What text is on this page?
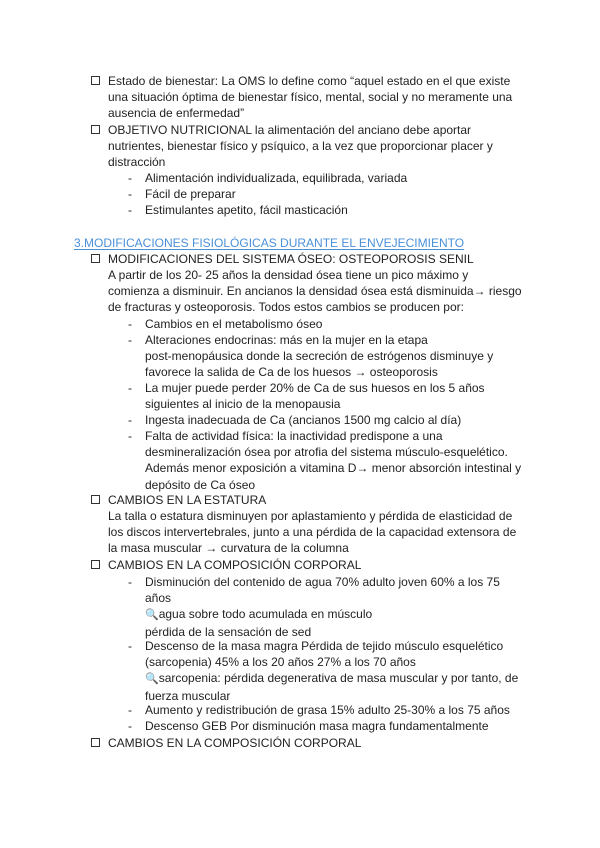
Estado de bienestar: La OMS lo define como “aquel estado en el que existe
una situación óptima de bienestar físico, mental, social y no meramente una
ausencia de enfermedad”
OBJETIVO NUTRICIONAL la alimentación del anciano debe aportar
nutrientes, bienestar físico y psíquico, a la vez que proporcionar placer y
distracción
- Alimentación individualizada, equilibrada, variada
- Fácil de preparar
- Estimulantes apetito, fácil masticación
3.MODIFICACIONES FISIOLÓGICAS DURANTE EL ENVEJECIMIENTO
MODIFICACIONES DEL SISTEMA ÓSEO: OSTEOPOROSIS SENIL
A partir de los 20- 25 años la densidad ósea tiene un pico máximo y
comienza a disminuir. En ancianos la densidad ósea está disminuida→ riesgo
de fracturas y osteoporosis. Todos estos cambios se producen por:
- Cambios en el metabolismo óseo
- Alteraciones endocrinas: más en la mujer en la etapa
post-menopáusica donde la secreción de estrógenos disminuye y
favorece la salida de Ca de los huesos → osteoporosis
- La mujer puede perder 20% de Ca de sus huesos en los 5 años
siguientes al inicio de la menopausia
- Ingesta inadecuada de Ca (ancianos 1500 mg calcio al día)
- Falta de actividad física: la inactividad predispone a una
desmineralización ósea por atrofia del sistema músculo-esquelético.
Además menor exposición a vitamina D→ menor absorción intestinal y
depósito de Ca óseo
CAMBIOS EN LA ESTATURA
La talla o estatura disminuyen por aplastamiento y pérdida de elasticidad de
los discos intervertebrales, junto a una pérdida de la capacidad extensora de
la masa muscular → curvatura de la columna
CAMBIOS EN LA COMPOSICIÓN CORPORAL
- Disminución del contenido de agua 70% adulto joven 60% a los 75
años
🔍agua sobre todo acumulada en músculo
pérdida de la sensación de sed
- Descenso de la masa magra Pérdida de tejido músculo esquelético
(sarcopenia) 45% a los 20 años 27% a los 70 años
🔍sarcopenia: pérdida degenerativa de masa muscular y por tanto, de
fuerza muscular
- Aumento y redistribución de grasa 15% adulto 25-30% a los 75 años
- Descenso GEB Por disminución masa magra fundamentalmente
CAMBIOS EN LA COMPOSICIÓN CORPORAL
